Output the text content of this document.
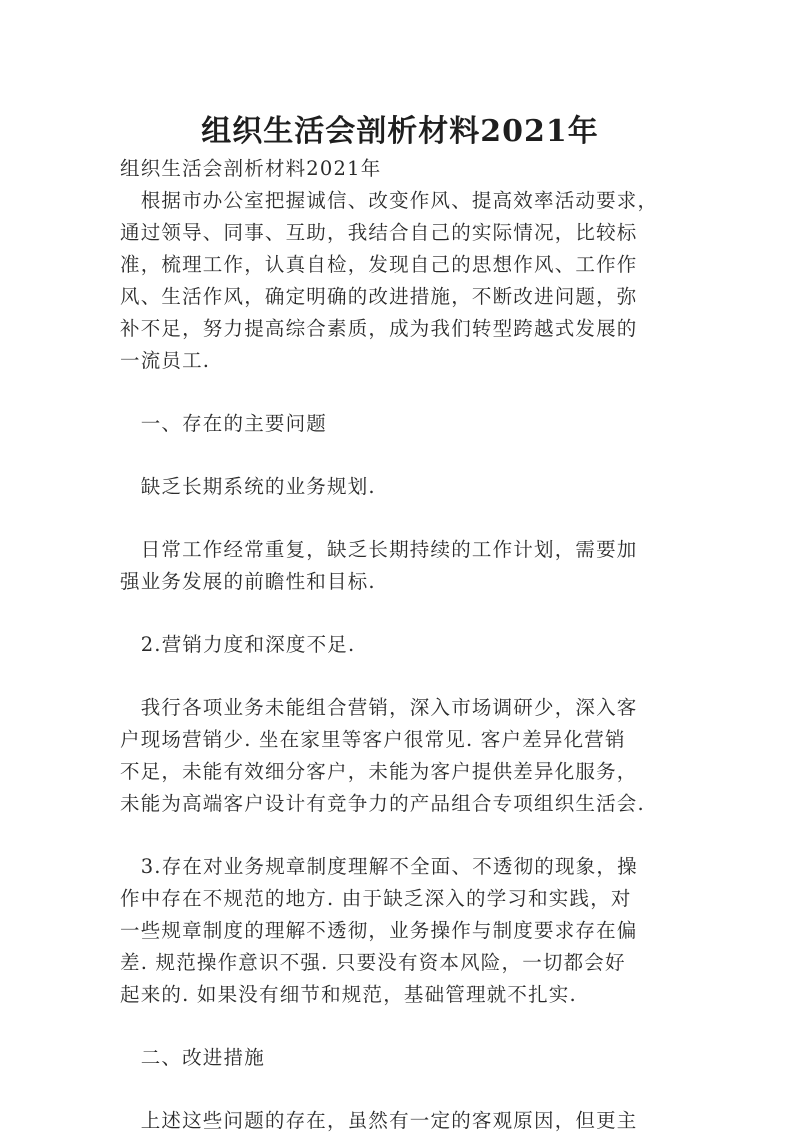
组织生活会剖析材料2021年
组织生活会剖析材料2021年
　根据市办公室把握诚信、改变作风、提高效率活动要求，
通过领导、同事、互助，我结合自己的实际情况，比较标
准，梳理工作，认真自检，发现自己的思想作风、工作作
风、生活作风，确定明确的改进措施，不断改进问题，弥
补不足，努力提高综合素质，成为我们转型跨越式发展的
一流员工.
　一、存在的主要问题
　缺乏长期系统的业务规划.
　日常工作经常重复，缺乏长期持续的工作计划，需要加
强业务发展的前瞻性和目标.
　2.营销力度和深度不足.
　我行各项业务未能组合营销，深入市场调研少，深入客
户现场营销少. 坐在家里等客户很常见. 客户差异化营销
不足，未能有效细分客户，未能为客户提供差异化服务，
未能为高端客户设计有竞争力的产品组合专项组织生活会.
　3.存在对业务规章制度理解不全面、不透彻的现象，操
作中存在不规范的地方. 由于缺乏深入的学习和实践，对
一些规章制度的理解不透彻，业务操作与制度要求存在偏
差. 规范操作意识不强. 只要没有资本风险，一切都会好
起来的. 如果没有细节和规范，基础管理就不扎实.
　二、改进措施
　上述这些问题的存在，虽然有一定的客观原因，但更主
